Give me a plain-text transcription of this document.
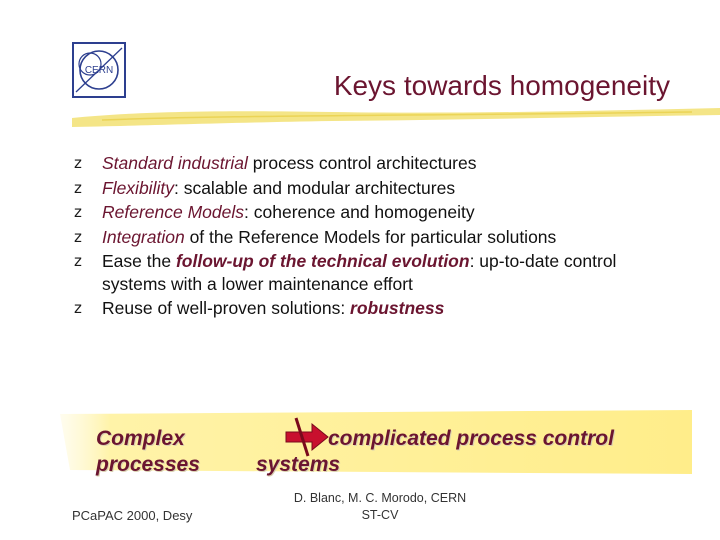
CERN	Keys towards homogeneity
z Standard industrial process control architectures
z Flexibility: scalable and modular architectures
z Reference Models: coherence and homogeneity
z Integration of the Reference Models for particular solutions
z Ease the follow-up of the technical evolution: up-to-date control systems with a lower maintenance effort
z Reuse of well-proven solutions: robustness
Complex
processes
complicated process control
systems
PCaPAC 2000, Desy
D. Blanc, M. C. Morodo, CERN
ST-CV
